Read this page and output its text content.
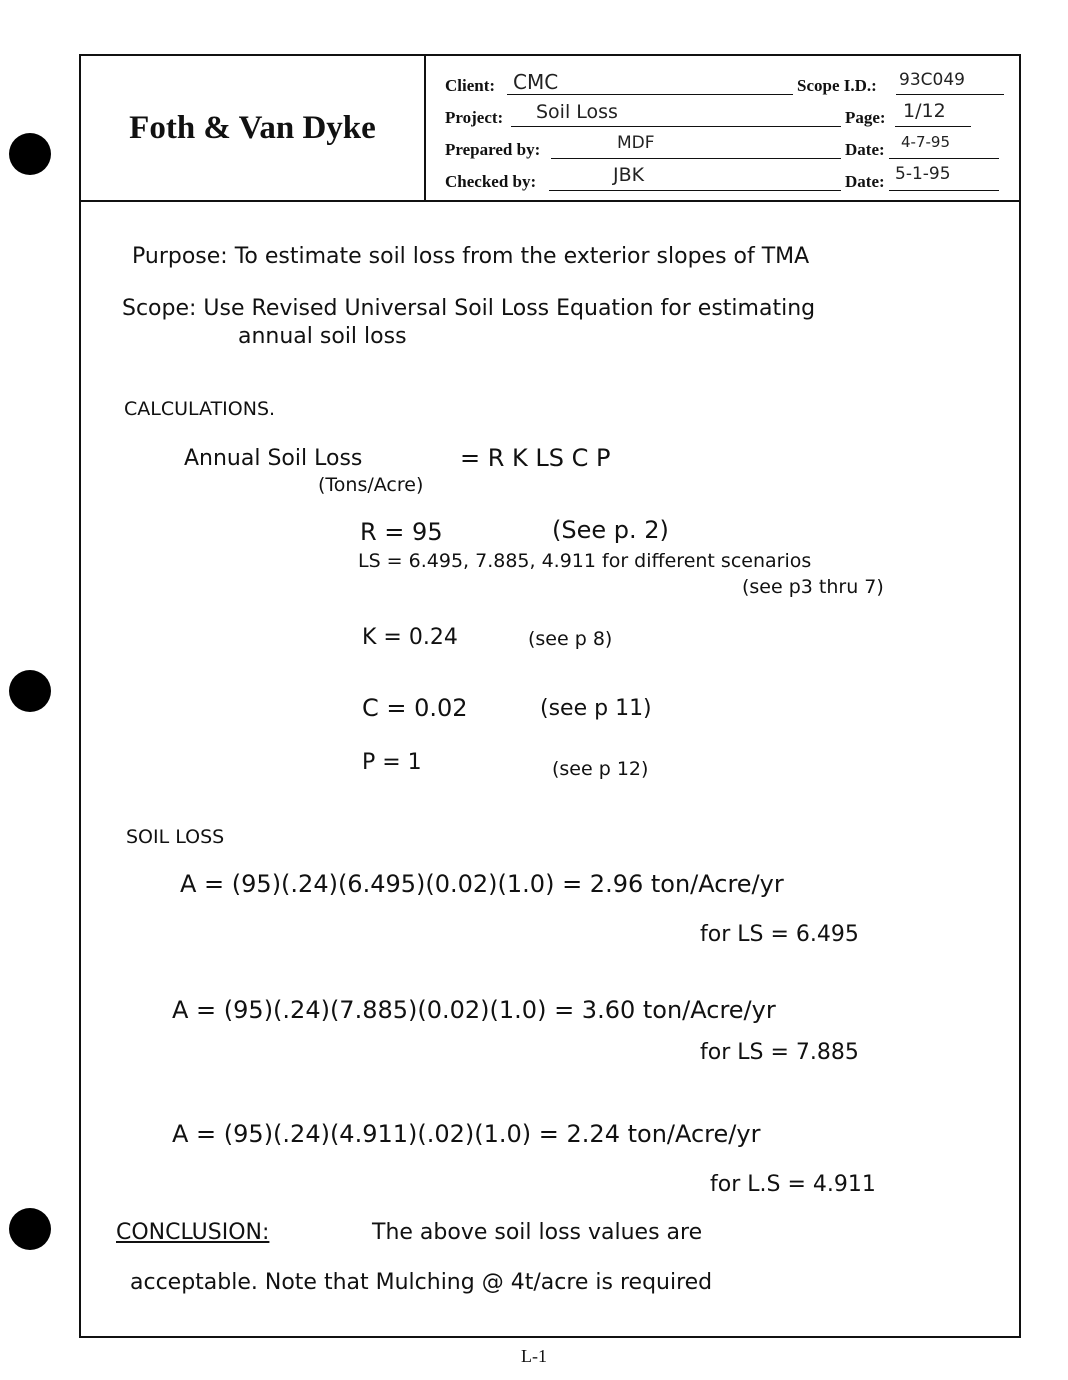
Foth & Van Dyke
Client: CMC	Scope I.D.: 93C049
Project: Soil Loss	Page: 1/12
Prepared by:	MDF	Date: 4-7-95
Checked by:	JBK	Date: 5-1-95
Purpose: To estimate soil loss from the exterior slopes of TMA
Scope: Use Revised Universal Soil Loss Equation for estimating
annual soil loss
CALCULATIONS.
Annual Soil Loss
(Tons/Acre)
= R K LS C P
R = 95	(See p. 2)
LS = 6.495, 7.885, 4.911 for different scenarios
(see p3 thru 7)
K = 0.24	(see p 8)
C = 0.02	(see p 11)
P = 1	(see p 12)
SOIL LOSS
A = (95)(.24)(6.495)(0.02)(1.0) = 2.96 ton/Acre/yr
for LS = 6.495
A = (95)(.24)(7.885)(0.02)(1.0) = 3.60 ton/Acre/yr
for LS = 7.885
A = (95)(.24)(4.911)(.02)(1.0) = 2.24 ton/Acre/yr
for L.S = 4.911
CONCLUSION:	The above soil loss values are
acceptable. Note that Mulching @ 4t/acre is required
L-1
